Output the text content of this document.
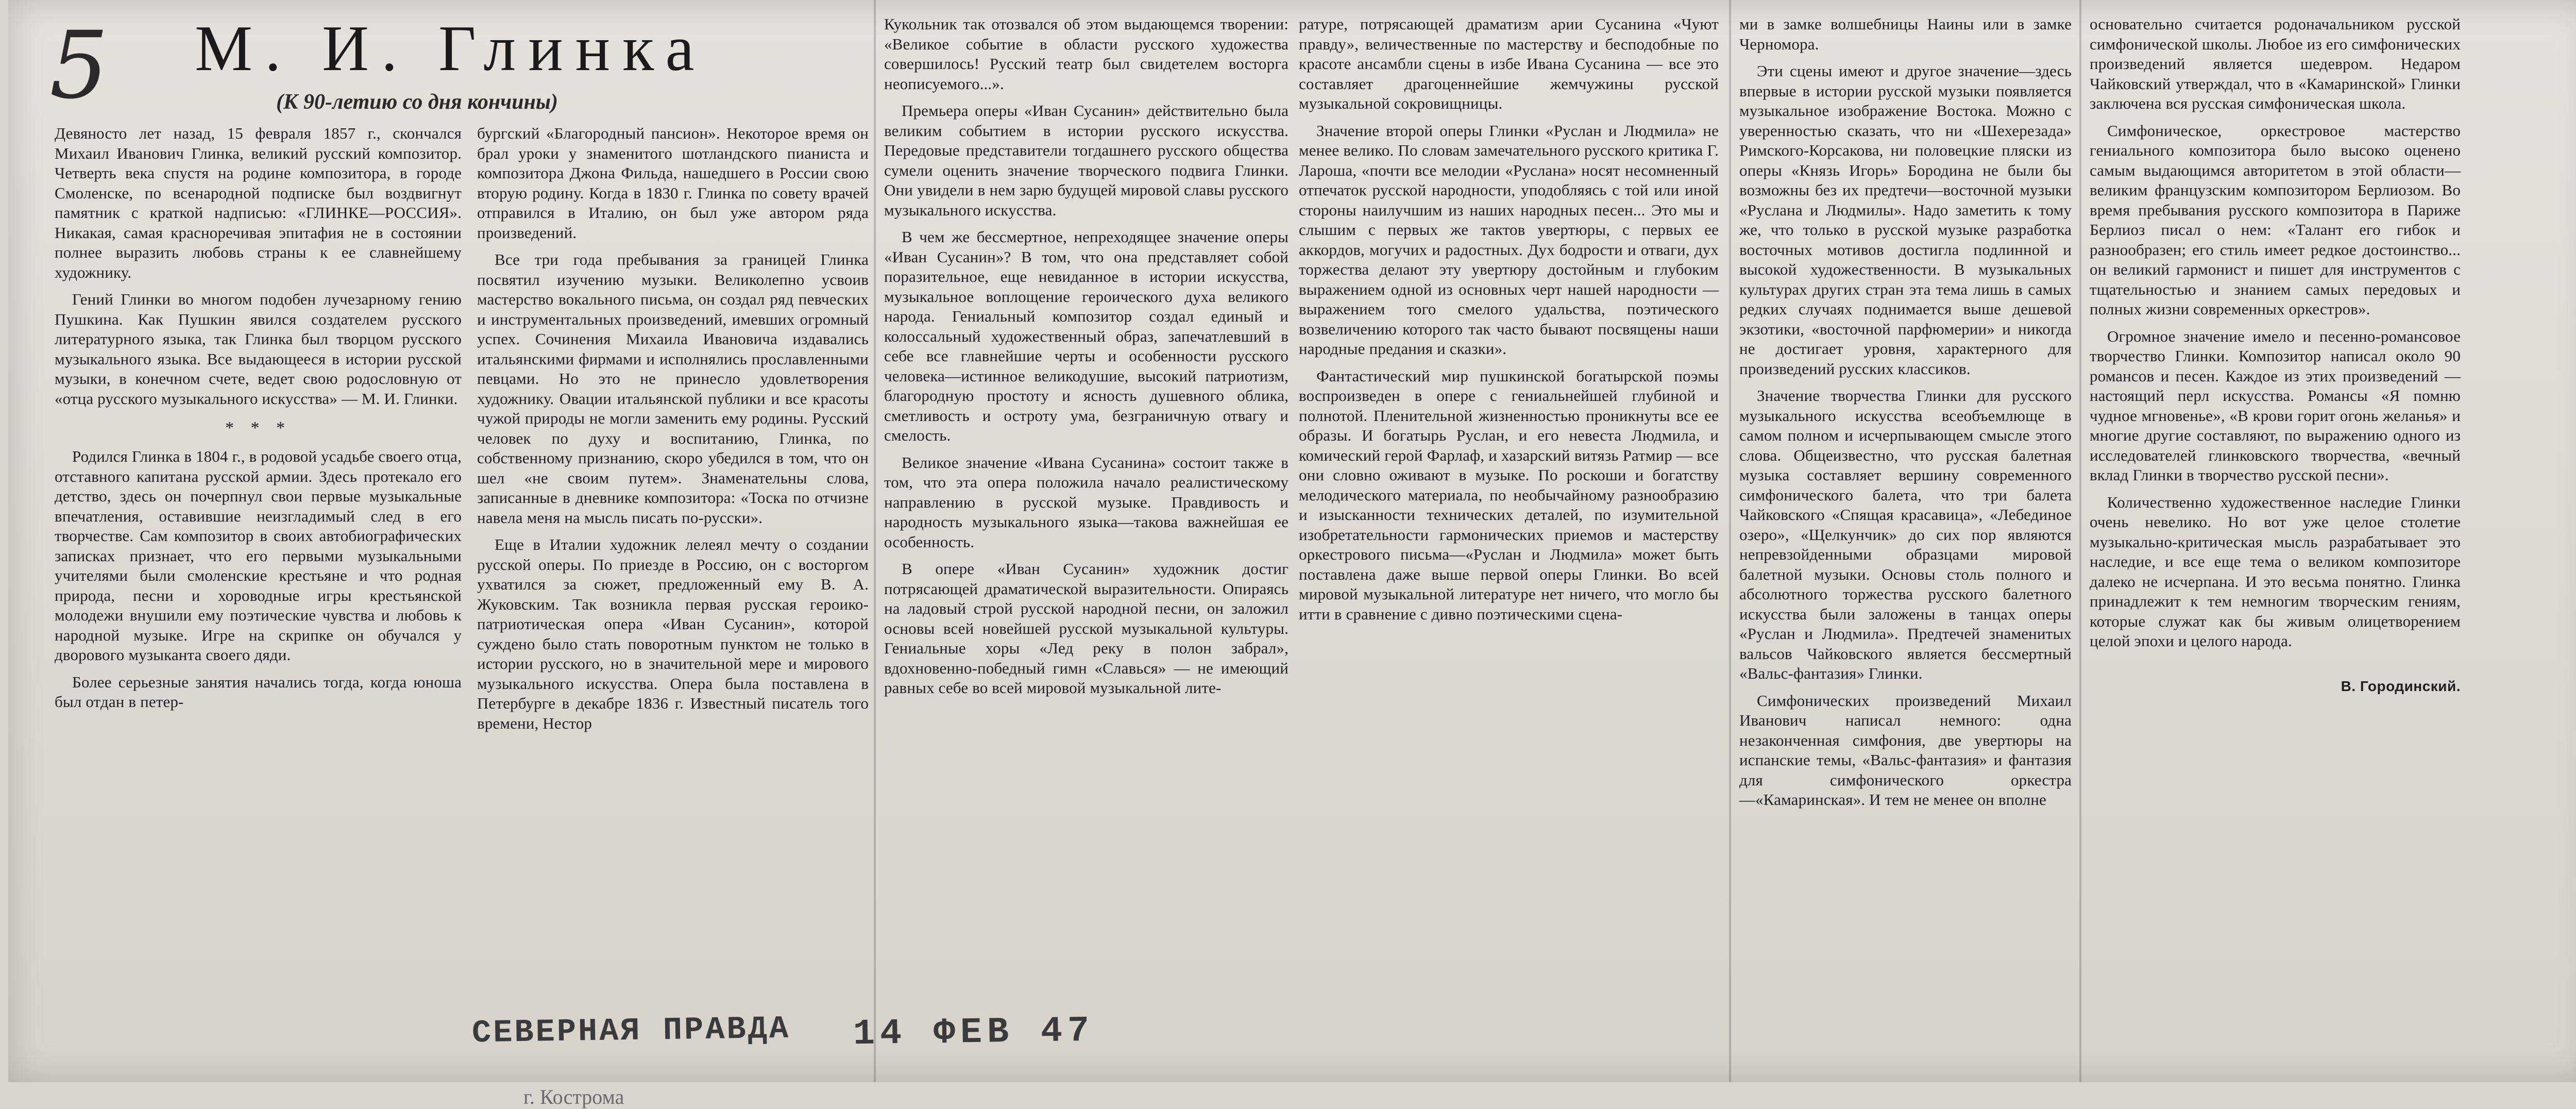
5 М. И. Глинка
(К 90-летию со дня кончины)

Девяносто лет назад, 15 февраля 1857 г., скончался Михаил Иванович Глинка, великий русский композитор. Четверть века спустя на родине композитора, в городе Смоленске, по всенародной подписке был воздвигнут памятник с краткой надписью: «ГЛИНКЕ—РОССИЯ». Никакая, самая красноречивая эпитафия не в состоянии полнее выразить любовь страны к ее славнейшему художнику.

Гений Глинки во многом подобен лучезарному гению Пушкина. Как Пушкин явился создателем русского литературного языка, так Глинка был творцом русского музыкального языка. Все выдающееся в истории русской музыки, в конечном счете, ведет свою родословную от «отца русского музыкального искусства» — М. И. Глинки.

* * *

Родился Глинка в 1804 г., в родовой усадьбе своего отца, отставного капитана русской армии. Здесь протекало его детство, здесь он почерпнул свои первые музыкальные впечатления, оставившие неизгладимый след в его творчестве. Сам композитор в своих автобиографических записках признает, что его первыми музыкальными учителями были смоленские крестьяне и что родная природа, песни и хороводные игры крестьянской молодежи внушили ему поэтические чувства и любовь к народной музыке. Игре на скрипке он обучался у дворового музыканта своего дяди.

Более серьезные занятия начались тогда, когда юноша был отдан в петер-

бургский «Благородный пансион». Некоторое время он брал уроки у знаменитого шотландского пианиста и композитора Джона Фильда, нашедшего в России свою вторую родину. Когда в 1830 г. Глинка по совету врачей отправился в Италию, он был уже автором ряда произведений.

Все три года пребывания за границей Глинка посвятил изучению музыки. Великолепно усвоив мастерство вокального письма, он создал ряд певческих и инструментальных произведений, имевших огромный успех. Сочинения Михаила Ивановича издавались итальянскими фирмами и исполнялись прославленными певцами. Но это не принесло удовлетворения художнику. Овации итальянской публики и все красоты чужой природы не могли заменить ему родины. Русский человек по духу и воспитанию, Глинка, по собственному признанию, скоро убедился в том, что он шел «не своим путем». Знаменательны слова, записанные в дневнике композитора: «Тоска по отчизне навела меня на мысль писать по-русски».

Еще в Италии художник лелеял мечту о создании русской оперы. По приезде в Россию, он с восторгом ухватился за сюжет, предложенный ему В. А. Жуковским. Так возникла первая русская героико-патриотическая опера «Иван Сусанин», которой суждено было стать поворотным пунктом не только в истории русского, но в значительной мере и мирового музыкального искусства. Опера была поставлена в Петербурге в декабре 1836 г. Известный писатель того времени, Нестор

Кукольник так отозвался об этом выдающемся творении: «Великое событие в области русского художества совершилось! Русский театр был свидетелем восторга неописуемого...».

Премьера оперы «Иван Сусанин» действительно была великим событием в истории русского искусства. Передовые представители тогдашнего русского общества сумели оценить значение творческого подвига Глинки. Они увидели в нем зарю будущей мировой славы русского музыкального искусства.

В чем же бессмертное, непреходящее значение оперы «Иван Сусанин»? В том, что она представляет собой поразительное, еще невиданное в истории искусства, музыкальное воплощение героического духа великого народа. Гениальный композитор создал единый и колоссальный художественный образ, запечатлевший в себе все главнейшие черты и особенности русского человека—истинное великодушие, высокий патриотизм, благородную простоту и ясность душевного облика, сметливость и остроту ума, безграничную отвагу и смелость.

Великое значение «Ивана Сусанина» состоит также в том, что эта опера положила начало реалистическому направлению в русской музыке. Правдивость и народность музыкального языка—такова важнейшая ее особенность.

В опере «Иван Сусанин» художник достиг потрясающей драматической выразительности. Опираясь на ладовый строй русской народной песни, он заложил основы всей новейшей русской музыкальной культуры. Гениальные хоры «Лед реку в полон забрал», вдохновенно-победный гимн «Славься» — не имеющий равных себе во всей мировой музыкальной лите-

ратуре, потрясающей драматизм арии Сусанина «Чуют правду», величественные по мастерству и бесподобные по красоте ансамбли сцены в избе Ивана Сусанина — все это составляет драгоценнейшие жемчужины русской музыкальной сокровищницы.

Значение второй оперы Глинки «Руслан и Людмила» не менее велико. По словам замечательного русского критика Г. Лароша, «почти все мелодии «Руслана» носят несомненный отпечаток русской народности, уподобляясь с той или иной стороны наилучшим из наших народных песен... Это мы и слышим с первых же тактов увертюры, с первых ее аккордов, могучих и радостных. Дух бодрости и отваги, дух торжества делают эту увертюру достойным и глубоким выражением одной из основных черт нашей народности — выражением того смелого удальства, поэтического возвеличению которого так часто бывают посвящены наши народные предания и сказки».

Фантастический мир пушкинской богатырской поэмы воспроизведен в опере с гениальнейшей глубиной и полнотой. Пленительной жизненностью проникнуты все ее образы. И богатырь Руслан, и его невеста Людмила, и комический герой Фарлаф, и хазарский витязь Ратмир — все они словно оживают в музыке. По роскоши и богатству мелодического материала, по необычайному разнообразию и изысканности технических деталей, по изумительной изобретательности гармонических приемов и мастерству оркестрового письма—«Руслан и Людмила» может быть поставлена даже выше первой оперы Глинки. Во всей мировой музыкальной литературе нет ничего, что могло бы итти в сравнение с дивно поэтическими сцена-

ми в замке волшебницы Наины или в замке Черномора.

Эти сцены имеют и другое значение—здесь впервые в истории русской музыки появляется музыкальное изображение Востока. Можно с уверенностью сказать, что ни «Шехерезада» Римского-Корсакова, ни половецкие пляски из оперы «Князь Игорь» Бородина не были бы возможны без их предтечи—восточной музыки «Руслана и Людмилы». Надо заметить к тому же, что только в русской музыке разработка восточных мотивов достигла подлинной и высокой художественности. В музыкальных культурах других стран эта тема лишь в самых редких случаях поднимается выше дешевой экзотики, «восточной парфюмерии» и никогда не достигает уровня, характерного для произведений русских классиков.

Значение творчества Глинки для русского музыкального искусства всеобъемлюще в самом полном и исчерпывающем смысле этого слова. Общеизвестно, что русская балетная музыка составляет вершину современного симфонического балета, что три балета Чайковского «Спящая красавица», «Лебединое озеро», «Щелкунчик» до сих пор являются непревзойденными образцами мировой балетной музыки. Основы столь полного и абсолютного торжества русского балетного искусства были заложены в танцах оперы «Руслан и Людмила». Предтечей знаменитых вальсов Чайковского является бессмертный «Вальс-фантазия» Глинки.

Симфонических произведений Михаил Иванович написал немного: одна незаконченная симфония, две увертюры на испанские темы, «Вальс-фантазия» и фантазия для симфонического оркестра—«Камаринская». И тем не менее он вполне

основательно считается родоначальником русской симфонической школы. Любое из его симфонических произведений является шедевром. Недаром Чайковский утверждал, что в «Камаринской» Глинки заключена вся русская симфоническая школа.

Симфоническое, оркестровое мастерство гениального композитора было высоко оценено самым выдающимся авторитетом в этой области—великим французским композитором Берлиозом. Во время пребывания русского композитора в Париже Берлиоз писал о нем: «Талант его гибок и разнообразен; его стиль имеет редкое достоинство... он великий гармонист и пишет для инструментов с тщательностью и знанием самых передовых и полных жизни современных оркестров».

Огромное значение имело и песенно-романсовое творчество Глинки. Композитор написал около 90 романсов и песен. Каждое из этих произведений — настоящий перл искусства. Романсы «Я помню чудное мгновенье», «В крови горит огонь желанья» и многие другие составляют, по выражению одного из исследователей глинковского творчества, «вечный вклад Глинки в творчество русской песни».

Количественно художественное наследие Глинки очень невелико. Но вот уже целое столетие музыкально-критическая мысль разрабатывает это наследие, и все еще тема о великом композиторе далеко не исчерпана. И это весьма понятно. Глинка принадлежит к тем немногим творческим гениям, которые служат как бы живым олицетворением целой эпохи и целого народа.

В. Городинский.
СЕВЕРНАЯ ПРАВДА 14 ФЕВ 47
г. Кострома
